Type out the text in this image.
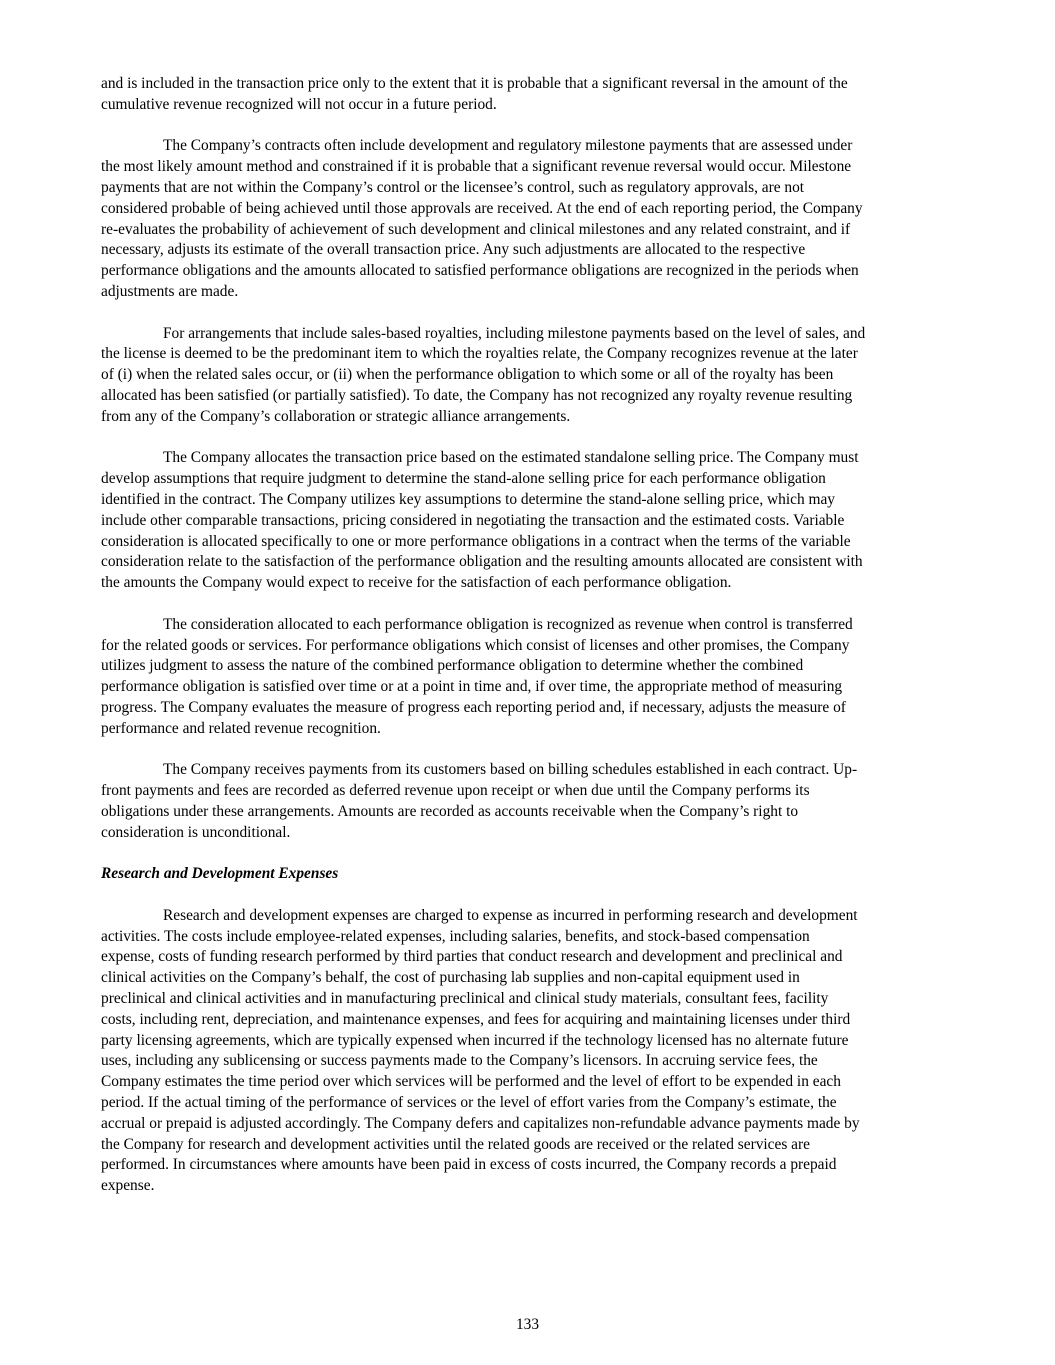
and is included in the transaction price only to the extent that it is probable that a significant reversal in the amount of the
cumulative revenue recognized will not occur in a future period.
The Company’s contracts often include development and regulatory milestone payments that are assessed under
the most likely amount method and constrained if it is probable that a significant revenue reversal would occur. Milestone
payments that are not within the Company’s control or the licensee’s control, such as regulatory approvals, are not
considered probable of being achieved until those approvals are received. At the end of each reporting period, the Company
re-evaluates the probability of achievement of such development and clinical milestones and any related constraint, and if
necessary, adjusts its estimate of the overall transaction price. Any such adjustments are allocated to the respective
performance obligations and the amounts allocated to satisfied performance obligations are recognized in the periods when
adjustments are made.
For arrangements that include sales-based royalties, including milestone payments based on the level of sales, and
the license is deemed to be the predominant item to which the royalties relate, the Company recognizes revenue at the later
of (i) when the related sales occur, or (ii) when the performance obligation to which some or all of the royalty has been
allocated has been satisfied (or partially satisfied). To date, the Company has not recognized any royalty revenue resulting
from any of the Company’s collaboration or strategic alliance arrangements.
The Company allocates the transaction price based on the estimated standalone selling price. The Company must
develop assumptions that require judgment to determine the stand-alone selling price for each performance obligation
identified in the contract. The Company utilizes key assumptions to determine the stand-alone selling price, which may
include other comparable transactions, pricing considered in negotiating the transaction and the estimated costs. Variable
consideration is allocated specifically to one or more performance obligations in a contract when the terms of the variable
consideration relate to the satisfaction of the performance obligation and the resulting amounts allocated are consistent with
the amounts the Company would expect to receive for the satisfaction of each performance obligation.
The consideration allocated to each performance obligation is recognized as revenue when control is transferred
for the related goods or services. For performance obligations which consist of licenses and other promises, the Company
utilizes judgment to assess the nature of the combined performance obligation to determine whether the combined
performance obligation is satisfied over time or at a point in time and, if over time, the appropriate method of measuring
progress. The Company evaluates the measure of progress each reporting period and, if necessary, adjusts the measure of
performance and related revenue recognition.
The Company receives payments from its customers based on billing schedules established in each contract. Up-
front payments and fees are recorded as deferred revenue upon receipt or when due until the Company performs its
obligations under these arrangements. Amounts are recorded as accounts receivable when the Company’s right to
consideration is unconditional.
Research and Development Expenses
Research and development expenses are charged to expense as incurred in performing research and development
activities. The costs include employee-related expenses, including salaries, benefits, and stock-based compensation
expense, costs of funding research performed by third parties that conduct research and development and preclinical and
clinical activities on the Company’s behalf, the cost of purchasing lab supplies and non-capital equipment used in
preclinical and clinical activities and in manufacturing preclinical and clinical study materials, consultant fees, facility
costs, including rent, depreciation, and maintenance expenses, and fees for acquiring and maintaining licenses under third
party licensing agreements, which are typically expensed when incurred if the technology licensed has no alternate future
uses, including any sublicensing or success payments made to the Company’s licensors. In accruing service fees, the
Company estimates the time period over which services will be performed and the level of effort to be expended in each
period. If the actual timing of the performance of services or the level of effort varies from the Company’s estimate, the
accrual or prepaid is adjusted accordingly. The Company defers and capitalizes non-refundable advance payments made by
the Company for research and development activities until the related goods are received or the related services are
performed. In circumstances where amounts have been paid in excess of costs incurred, the Company records a prepaid
expense.
133
